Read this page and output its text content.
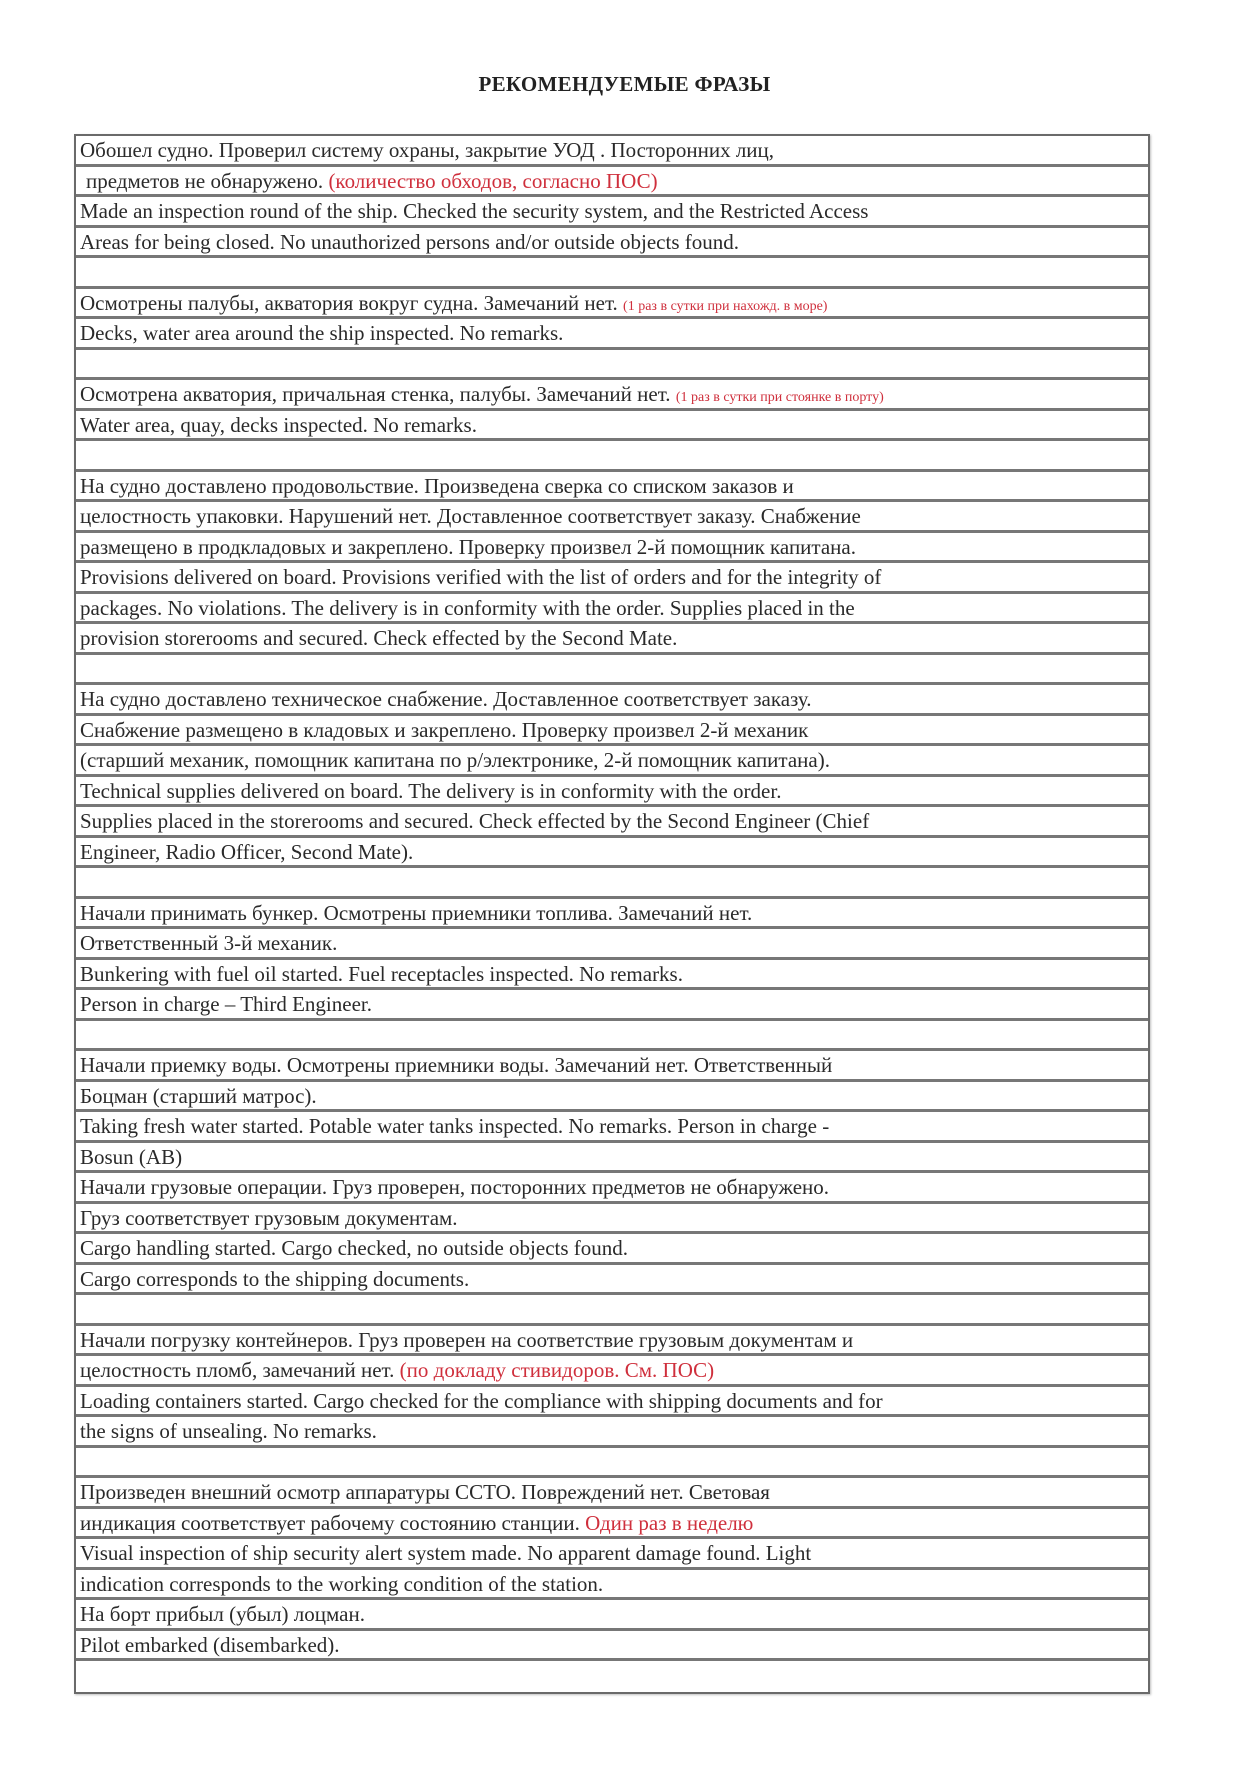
РЕКОМЕНДУЕМЫЕ ФРАЗЫ
Обошел судно. Проверил систему охраны, закрытие УОД . Посторонних лиц,
предметов не обнаружено. (количество обходов, согласно ПОС)
Made an inspection round of the ship. Checked the security system, and the Restricted Access
Areas for being closed. No unauthorized persons and/or outside objects found.
Осмотрены палубы, акватория вокруг судна. Замечаний нет. (1 раз в сутки при нахожд. в море)
Decks, water area around the ship inspected. No remarks.
Осмотрена акватория, причальная стенка, палубы. Замечаний нет. (1 раз в сутки при стоянке в порту)
Water area, quay, decks inspected. No remarks.
На судно доставлено продовольствие. Произведена сверка со списком заказов и
целостность упаковки. Нарушений нет. Доставленное соответствует заказу. Снабжение
размещено в продкладовых и закреплено. Проверку произвел 2-й помощник капитана.
Provisions delivered on board. Provisions verified with the list of orders and for the integrity of
packages. No violations. The delivery is in conformity with the order. Supplies placed in the
provision storerooms and secured. Check effected by the Second Mate.
На судно доставлено техническое снабжение. Доставленное соответствует заказу.
Снабжение размещено в кладовых и закреплено. Проверку произвел 2-й механик
(старший механик, помощник капитана по р/электронике, 2-й помощник капитана).
Technical supplies delivered on board. The delivery is in conformity with the order.
Supplies placed in the storerooms and secured. Check effected by the Second Engineer (Chief
Engineer, Radio Officer, Second Mate).
Начали принимать бункер. Осмотрены приемники топлива. Замечаний нет.
Ответственный 3-й механик.
Bunkering with fuel oil started. Fuel receptacles inspected. No remarks.
Person in charge – Third Engineer.
Начали приемку воды. Осмотрены приемники воды. Замечаний нет. Ответственный
Боцман (старший матрос).
Taking fresh water started. Potable water tanks inspected. No remarks. Person in charge -
Bosun (AB)
Начали грузовые операции. Груз проверен, посторонних предметов не обнаружено.
Груз соответствует грузовым документам.
Cargo handling started. Cargo checked, no outside objects found.
Cargo corresponds to the shipping documents.
Начали погрузку контейнеров. Груз проверен на соответствие грузовым документам и
целостность пломб, замечаний нет. (по докладу стивидоров. См. ПОС)
Loading containers started. Cargo checked for the compliance with shipping documents and for
the signs of unsealing. No remarks.
Произведен внешний осмотр аппаратуры ССТО. Повреждений нет. Световая
индикация соответствует рабочему состоянию станции. Один раз в неделю
Visual inspection of ship security alert system made. No apparent damage found. Light
indication corresponds to the working condition of the station.
На борт прибыл (убыл) лоцман.
Pilot embarked (disembarked).
